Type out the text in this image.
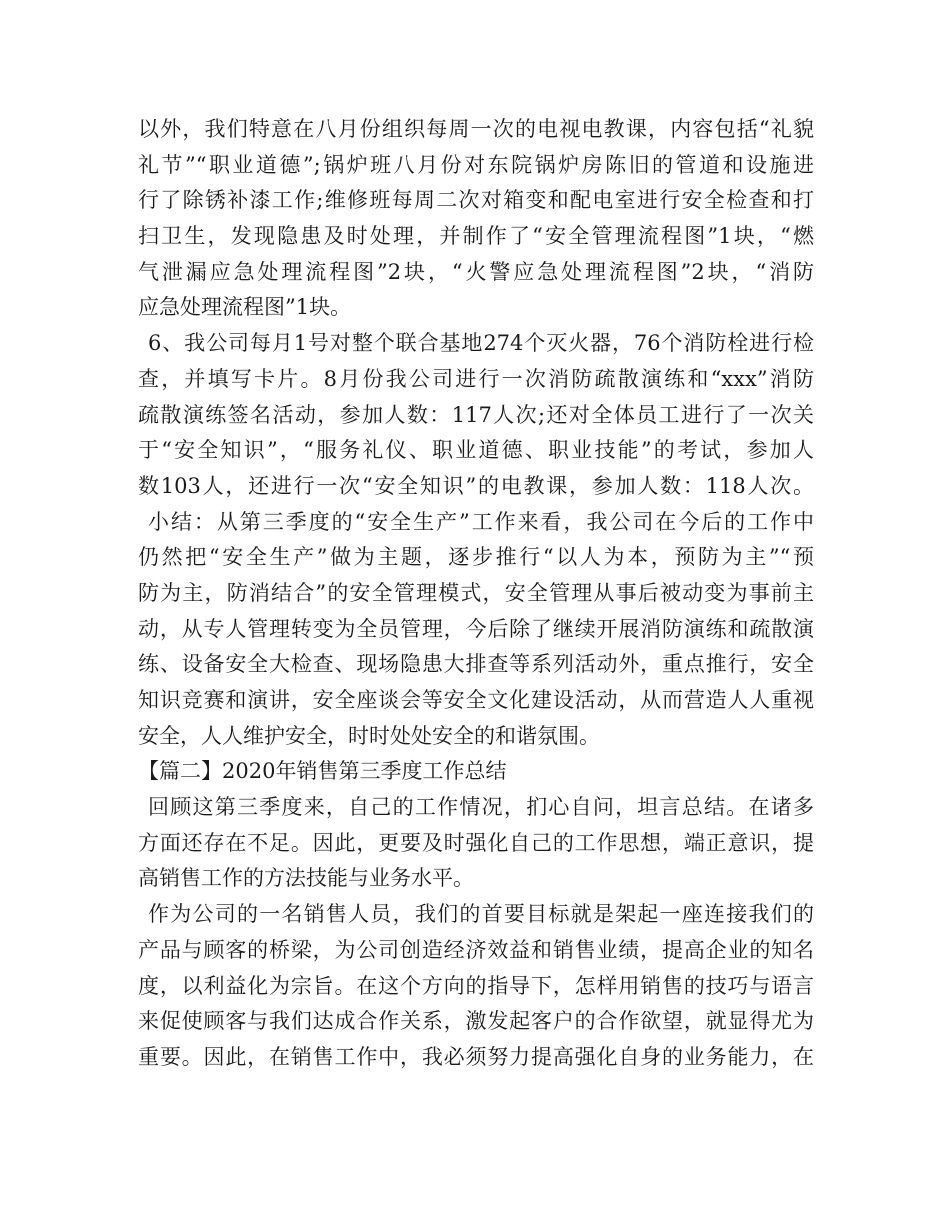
以外，我们特意在八月份组织每周一次的电视电教课，内容包括“礼貌
礼节”“职业道德”;锅炉班八月份对东院锅炉房陈旧的管道和设施进
行了除锈补漆工作;维修班每周二次对箱变和配电室进行安全检查和打
扫卫生，发现隐患及时处理，并制作了“安全管理流程图”1块，“燃
气泄漏应急处理流程图”2块，“火警应急处理流程图”2块，“消防
应急处理流程图”1块。
6、我公司每月1号对整个联合基地274个灭火器，76个消防栓进行检
查，并填写卡片。8月份我公司进行一次消防疏散演练和“xxx”消防
疏散演练签名活动，参加人数：117人次;还对全体员工进行了一次关
于“安全知识”，“服务礼仪、职业道德、职业技能”的考试，参加人
数103人，还进行一次“安全知识”的电教课，参加人数：118人次。
小结：从第三季度的“安全生产”工作来看，我公司在今后的工作中
仍然把“安全生产”做为主题，逐步推行“以人为本，预防为主”“预
防为主，防消结合”的安全管理模式，安全管理从事后被动变为事前主
动，从专人管理转变为全员管理，今后除了继续开展消防演练和疏散演
练、设备安全大检查、现场隐患大排查等系列活动外，重点推行，安全
知识竞赛和演讲，安全座谈会等安全文化建设活动，从而营造人人重视
安全，人人维护安全，时时处处安全的和谐氛围。
【篇二】2020年销售第三季度工作总结
回顾这第三季度来，自己的工作情况，扪心自问，坦言总结。在诸多
方面还存在不足。因此，更要及时强化自己的工作思想，端正意识，提
高销售工作的方法技能与业务水平。
作为公司的一名销售人员，我们的首要目标就是架起一座连接我们的
产品与顾客的桥梁，为公司创造经济效益和销售业绩，提高企业的知名
度，以利益化为宗旨。在这个方向的指导下，怎样用销售的技巧与语言
来促使顾客与我们达成合作关系，激发起客户的合作欲望，就显得尤为
重要。因此，在销售工作中，我必须努力提高强化自身的业务能力，在
